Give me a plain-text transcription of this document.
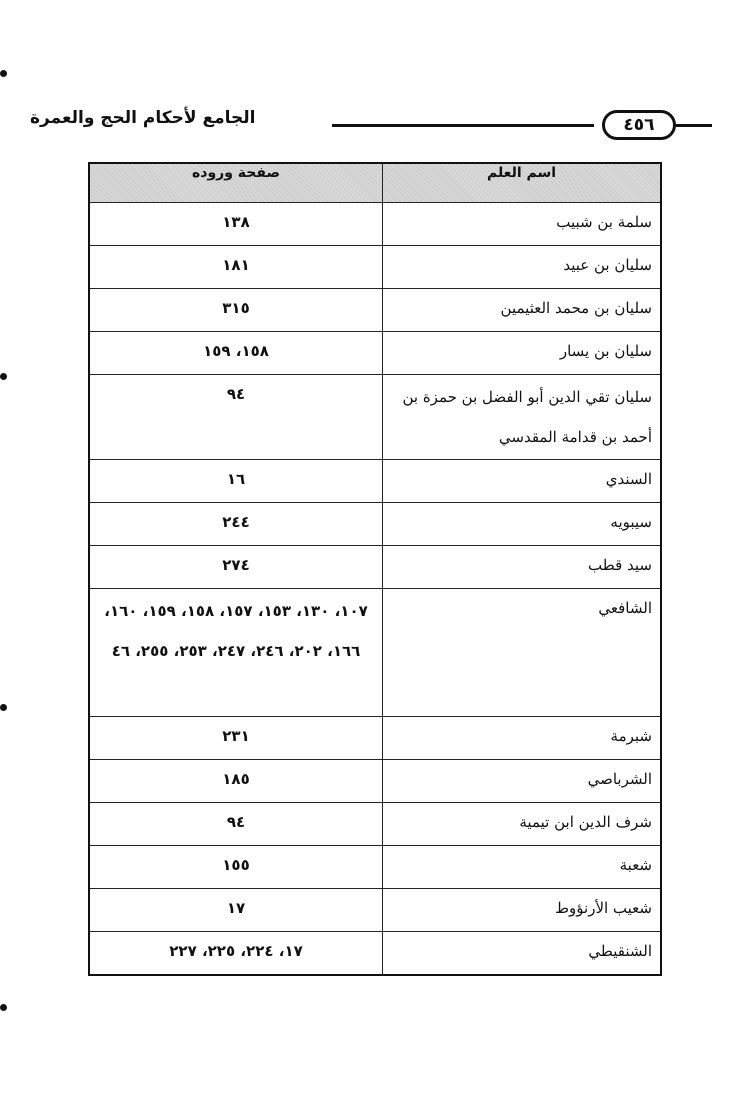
الجامع لأحكام الحج والعمرة	٤٥٦
اسم العلم	صفحة وروده
سلمة بن شبيب	١٣٨
سليان بن عبيد	١٨١
سليان بن محمد العثيمين	٣١٥
سليان بن يسار	١٥٨، ١٥٩
سليان تقي الدين أبو الفضل بن حمزة بن أحمد بن قدامة المقدسي	٩٤
السندي	١٦
سيبويه	٢٤٤
سيد قطب	٢٧٤
الشافعي	١٠٧، ١٣٠، ١٥٣، ١٥٧، ١٥٨، ١٥٩، ١٦٠، ١٦٦، ٢٠٢، ٢٤٦، ٢٤٧، ٢٥٣، ٢٥٥، ٤٦
شبرمة	٢٣١
الشرباصي	١٨٥
شرف الدين ابن تيمية	٩٤
شعبة	١٥٥
شعيب الأرنؤوط	١٧
الشنقيطي	١٧، ٢٢٤، ٢٢٥، ٢٢٧
